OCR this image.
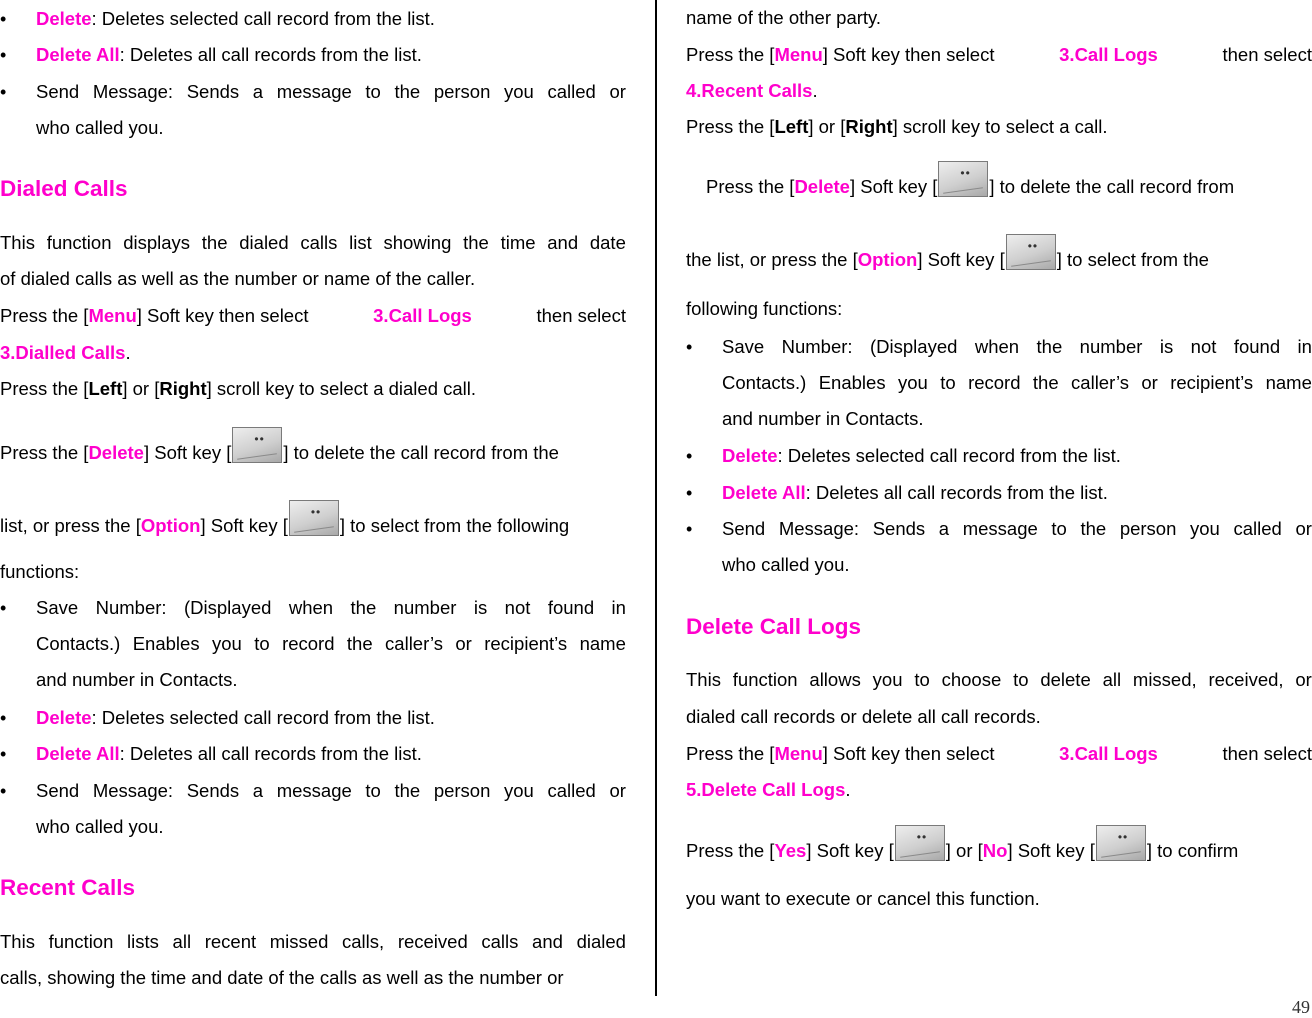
• Delete: Deletes selected call record from the list.
• Delete All: Deletes all call records from the list.
• Send Message: Sends a message to the person you called or
who called you.
Dialed Calls
This function displays the dialed calls list showing the time and date
of dialed calls as well as the number or name of the caller.
Press the [Menu] Soft key then select	3.Call Logs	then select
3.Dialled Calls.
Press the [Left] or [Right] scroll key to select a dialed call.
Press the [Delete] Soft key [
••
] to delete the call record from the
list, or press the [Option] Soft key [
••
] to select from the following
functions:
• Save Number: (Displayed when the number is not found in
Contacts.) Enables you to record the caller’s or recipient’s name
and number in Contacts.
• Delete: Deletes selected call record from the list.
• Delete All: Deletes all call records from the list.
• Send Message: Sends a message to the person you called or
who called you.
Recent Calls
This function lists all recent missed calls, received calls and dialed
calls, showing the time and date of the calls as well as the number or
name of the other party.
Press the [Menu] Soft key then select	3.Call Logs	then select
4.Recent Calls.
Press the [Left] or [Right] scroll key to select a call.
Press the [Delete] Soft key [
••
] to delete the call record from
the list, or press the [Option] Soft key [
••
] to select from the
following functions:
• Save Number: (Displayed when the number is not found in
Contacts.) Enables you to record the caller’s or recipient’s name
and number in Contacts.
• Delete: Deletes selected call record from the list.
• Delete All: Deletes all call records from the list.
• Send Message: Sends a message to the person you called or
who called you.
Delete Call Logs
This function allows you to choose to delete all missed, received, or
dialed call records or delete all call records.
Press the [Menu] Soft key then select	3.Call Logs	then select
5.Delete Call Logs.
Press the [Yes] Soft key [
••
] or [No] Soft key [
••
] to confirm
you want to execute or cancel this function.
49
